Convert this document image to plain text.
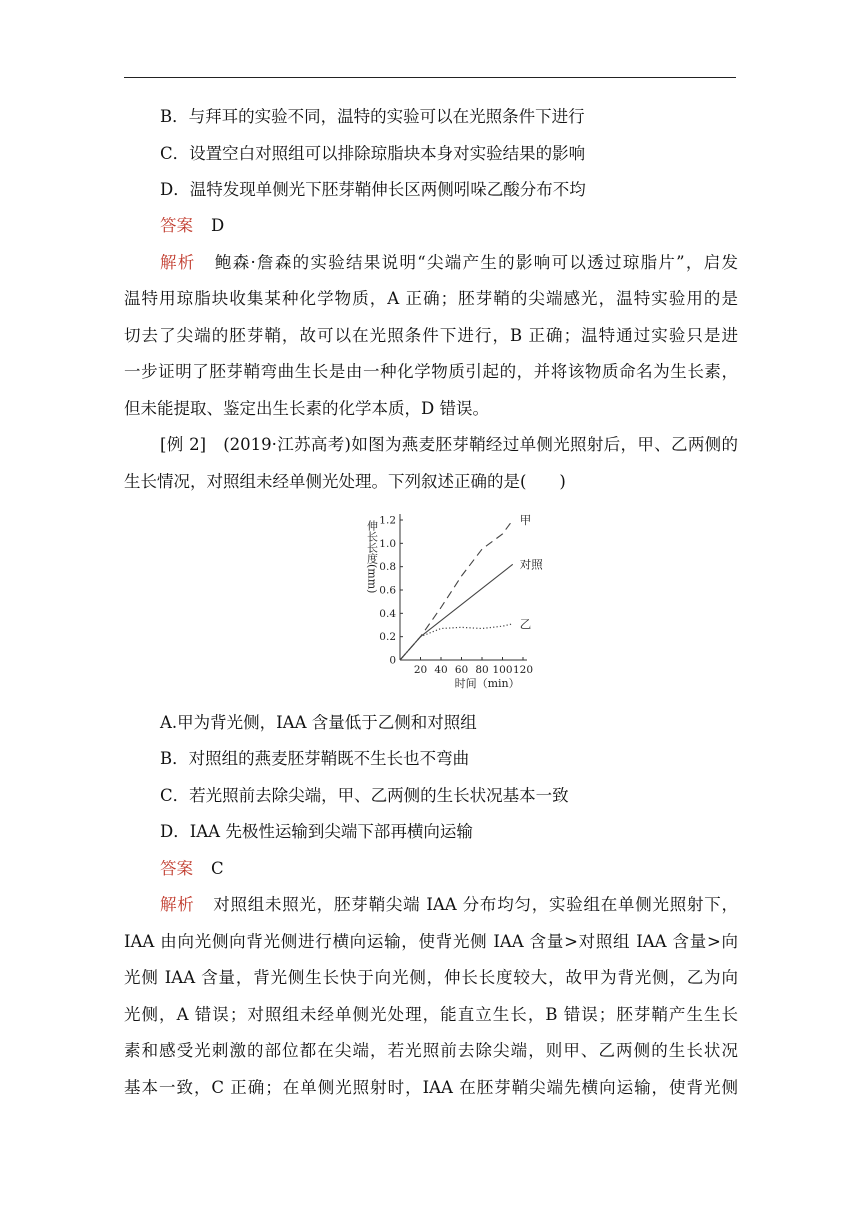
B．与拜耳的实验不同，温特的实验可以在光照条件下进行
C．设置空白对照组可以排除琼脂块本身对实验结果的影响
D．温特发现单侧光下胚芽鞘伸长区两侧吲哚乙酸分布不均
答案 D
解析 鲍森·詹森的实验结果说明“尖端产生的影响可以透过琼脂片”，启发
温特用琼脂块收集某种化学物质，A 正确；胚芽鞘的尖端感光，温特实验用的是
切去了尖端的胚芽鞘，故可以在光照条件下进行，B 正确；温特通过实验只是进
一步证明了胚芽鞘弯曲生长是由一种化学物质引起的，并将该物质命名为生长素，
但未能提取、鉴定出生长素的化学本质，D 错误。
[例 2]　(2019·江苏高考)如图为燕麦胚芽鞘经过单侧光照射后，甲、乙两侧的
生长情况，对照组未经单侧光处理。下列叙述正确的是(　　)
0
0.2
0.4
0.6
0.8
1.0
1.2
20 40 60 80 100 120
伸长长度(mm)
时间（min）
甲
对照
乙
A.甲为背光侧，IAA 含量低于乙侧和对照组
B．对照组的燕麦胚芽鞘既不生长也不弯曲
C．若光照前去除尖端，甲、乙两侧的生长状况基本一致
D．IAA 先极性运输到尖端下部再横向运输
答案 C
解析 对照组未照光，胚芽鞘尖端 IAA 分布均匀，实验组在单侧光照射下，
IAA 由向光侧向背光侧进行横向运输，使背光侧 IAA 含量>对照组 IAA 含量>向
光侧 IAA 含量，背光侧生长快于向光侧，伸长长度较大，故甲为背光侧，乙为向
光侧，A 错误；对照组未经单侧光处理，能直立生长，B 错误；胚芽鞘产生生长
素和感受光刺激的部位都在尖端，若光照前去除尖端，则甲、乙两侧的生长状况
基本一致，C 正确；在单侧光照射时，IAA 在胚芽鞘尖端先横向运输，使背光侧
